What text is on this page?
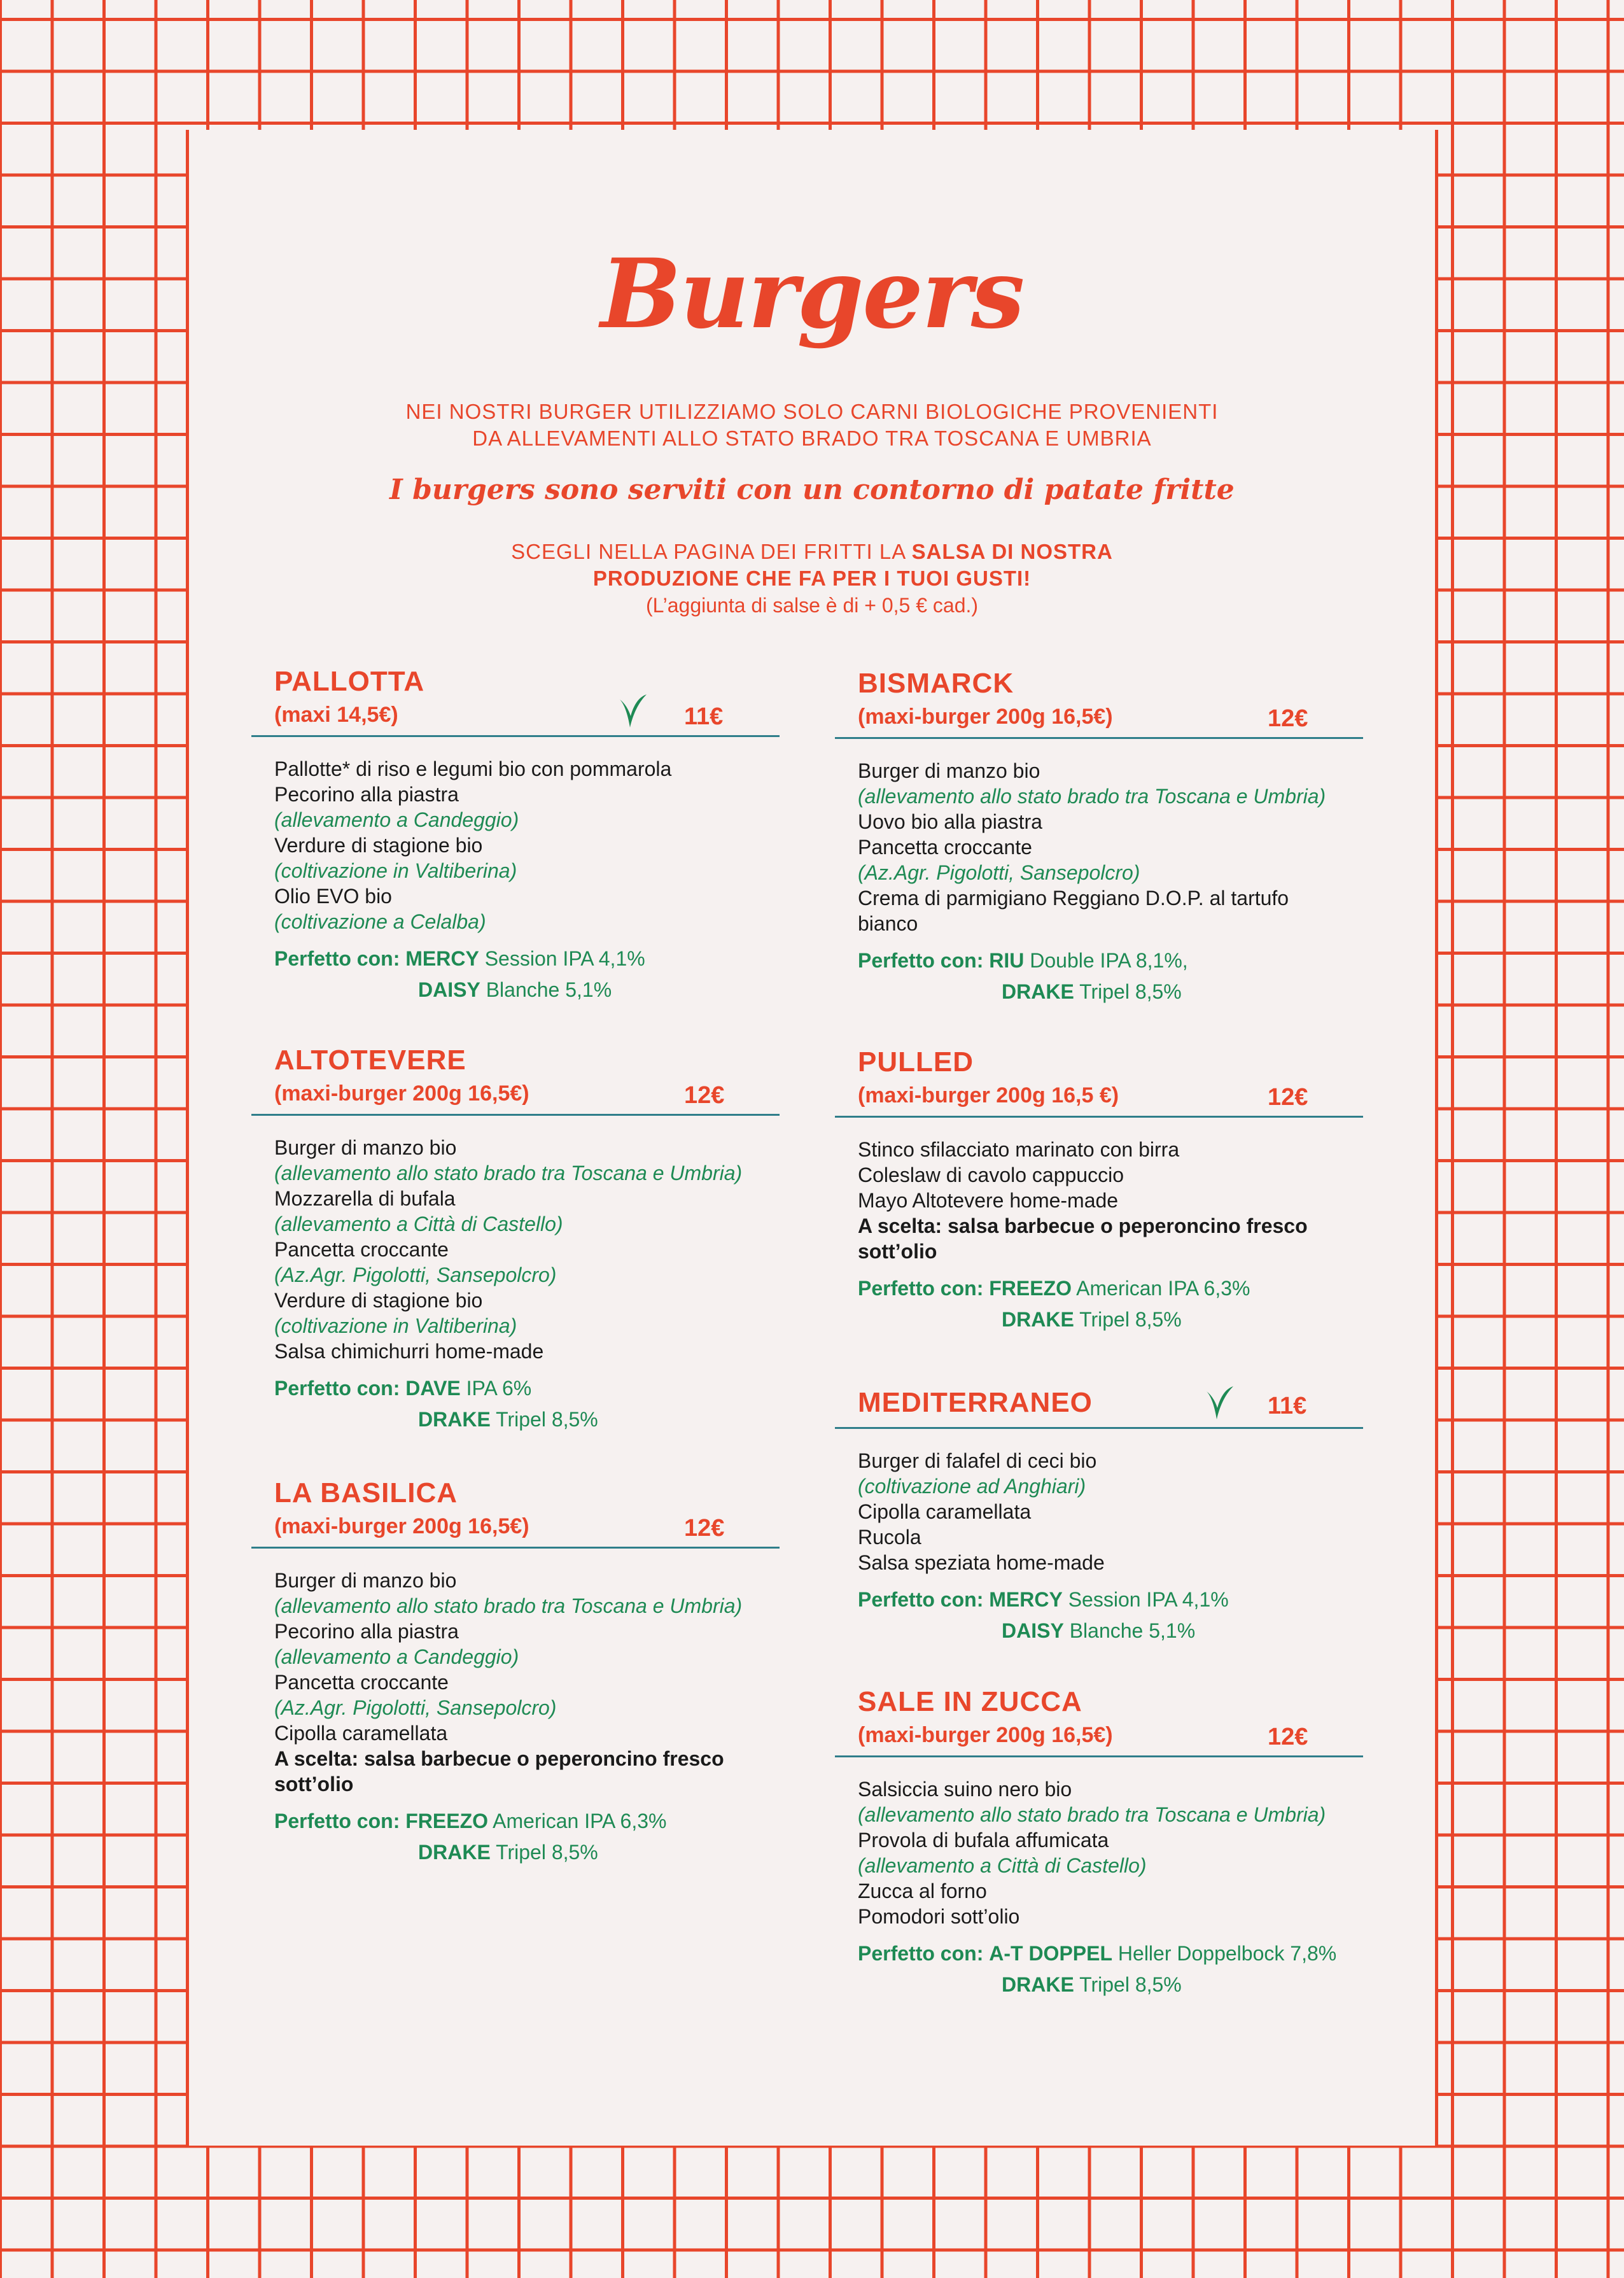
Burgers
NEI NOSTRI BURGER UTILIZZIAMO SOLO CARNI BIOLOGICHE PROVENIENTI
DA ALLEVAMENTI ALLO STATO BRADO TRA TOSCANA E UMBRIA
I burgers sono serviti con un contorno di patate fritte
SCEGLI NELLA PAGINA DEI FRITTI LA SALSA DI NOSTRA
PRODUZIONE CHE FA PER I TUOI GUSTI!
(L’aggiunta di salse è di + 0,5 € cad.)
PALLOTTA
(maxi 14,5€)	11€
Pallotte* di riso e legumi bio con pommarola
Pecorino alla piastra
(allevamento a Candeggio)
Verdure di stagione bio
(coltivazione in Valtiberina)
Olio EVO bio
(coltivazione a Celalba)
Perfetto con: MERCY Session IPA 4,1%
DAISY Blanche 5,1%
ALTOTEVERE
(maxi-burger 200g 16,5€)	12€
Burger di manzo bio
(allevamento allo stato brado tra Toscana e Umbria)
Mozzarella di bufala
(allevamento a Città di Castello)
Pancetta croccante
(Az.Agr. Pigolotti, Sansepolcro)
Verdure di stagione bio
(coltivazione in Valtiberina)
Salsa chimichurri home-made
Perfetto con: DAVE IPA 6%
DRAKE Tripel 8,5%
LA BASILICA
(maxi-burger 200g 16,5€)	12€
Burger di manzo bio
(allevamento allo stato brado tra Toscana e Umbria)
Pecorino alla piastra
(allevamento a Candeggio)
Pancetta croccante
(Az.Agr. Pigolotti, Sansepolcro)
Cipolla caramellata
A scelta: salsa barbecue o peperoncino fresco
sott’olio
Perfetto con: FREEZO American IPA 6,3%
DRAKE Tripel 8,5%
BISMARCK
(maxi-burger 200g 16,5€)	12€
Burger di manzo bio
(allevamento allo stato brado tra Toscana e Umbria)
Uovo bio alla piastra
Pancetta croccante
(Az.Agr. Pigolotti, Sansepolcro)
Crema di parmigiano Reggiano D.O.P. al tartufo
bianco
Perfetto con: RIU Double IPA 8,1%,
DRAKE Tripel 8,5%
PULLED
(maxi-burger 200g 16,5 €)	12€
Stinco sfilacciato marinato con birra
Coleslaw di cavolo cappuccio
Mayo Altotevere home-made
A scelta: salsa barbecue o peperoncino fresco
sott’olio
Perfetto con: FREEZO American IPA 6,3%
DRAKE Tripel 8,5%
MEDITERRANEO	11€
Burger di falafel di ceci bio
(coltivazione ad Anghiari)
Cipolla caramellata
Rucola
Salsa speziata home-made
Perfetto con: MERCY Session IPA 4,1%
DAISY Blanche 5,1%
SALE IN ZUCCA
(maxi-burger 200g 16,5€)	12€
Salsiccia suino nero bio
(allevamento allo stato brado tra Toscana e Umbria)
Provola di bufala affumicata
(allevamento a Città di Castello)
Zucca al forno
Pomodori sott’olio
Perfetto con: A-T DOPPEL Heller Doppelbock 7,8%
DRAKE Tripel 8,5%
